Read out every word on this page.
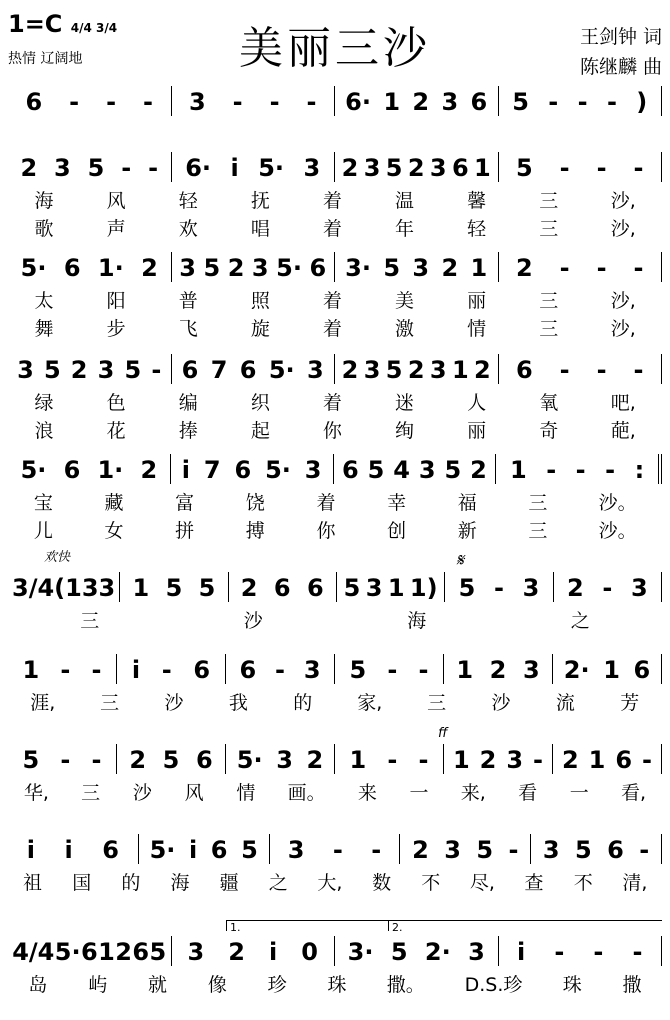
1=C 4/4 3/4
热情 辽阔地	美丽三沙	王剑钟 词
陈继麟 曲
6 - - - 3 - - - 6· 1 2 3 6 5 - - - )
2 3 5 - - 6· i 5· 3 2 3 5 2 3 6 1 5 - - -
海	风	轻	抚	着	温	馨	三	沙,
歌	声	欢	唱	着	年	轻	三	沙,
5· 6 1· 2 3 5 2 3 5· 6 3· 5 3 2 1 2 - - -
太	阳	普	照	着	美	丽	三	沙,
舞	步	飞	旋	着	激	情	三	沙,
3 5 2 3 5 - 6 7 6 5· 3 2 3 5 2 3 1 2 6 - - -
绿	色	编	织	着	迷	人	氧	吧,
浪	花	捧	起	你	绚	丽	奇	葩,
5· 6 1· 2 i 7 6 5· 3 6 5 4 3 5 2 1 - - - :
宝	藏	富	饶	着	幸	福	三	沙。
儿	女	拼	搏	你	创	新	三	沙。
3/4 (1 3 3 1 5 5 2 6 6 5 3 1 1) 5 - 3 2 - 3
三	沙	海	之
欢快	𝄋
1 - - i - 6 6 - 3 5 - - 1 2 3 2· 1 6
涯, 三 沙 我 的 家, 三 沙 流 芳
5 - - 2 5 6 5· 3 2 1 - - 1 2 3 - 2 1 6 -
华, 三 沙 风 情 画。 来 一 来, 看 一 看,
ff
i i 6 5· i 6 5 3 - - 2 3 5 - 3 5 6 -
祖 国 的 海 疆 之 大, 数 不 尽, 查 不 清,
4/4 5· 6 1 2 6 5 3 2 i 0 3· 5 2· 3 i - - -
岛 屿 就 像 珍 珠 撒。 D.S.珍 珠 撒
1.	2.
